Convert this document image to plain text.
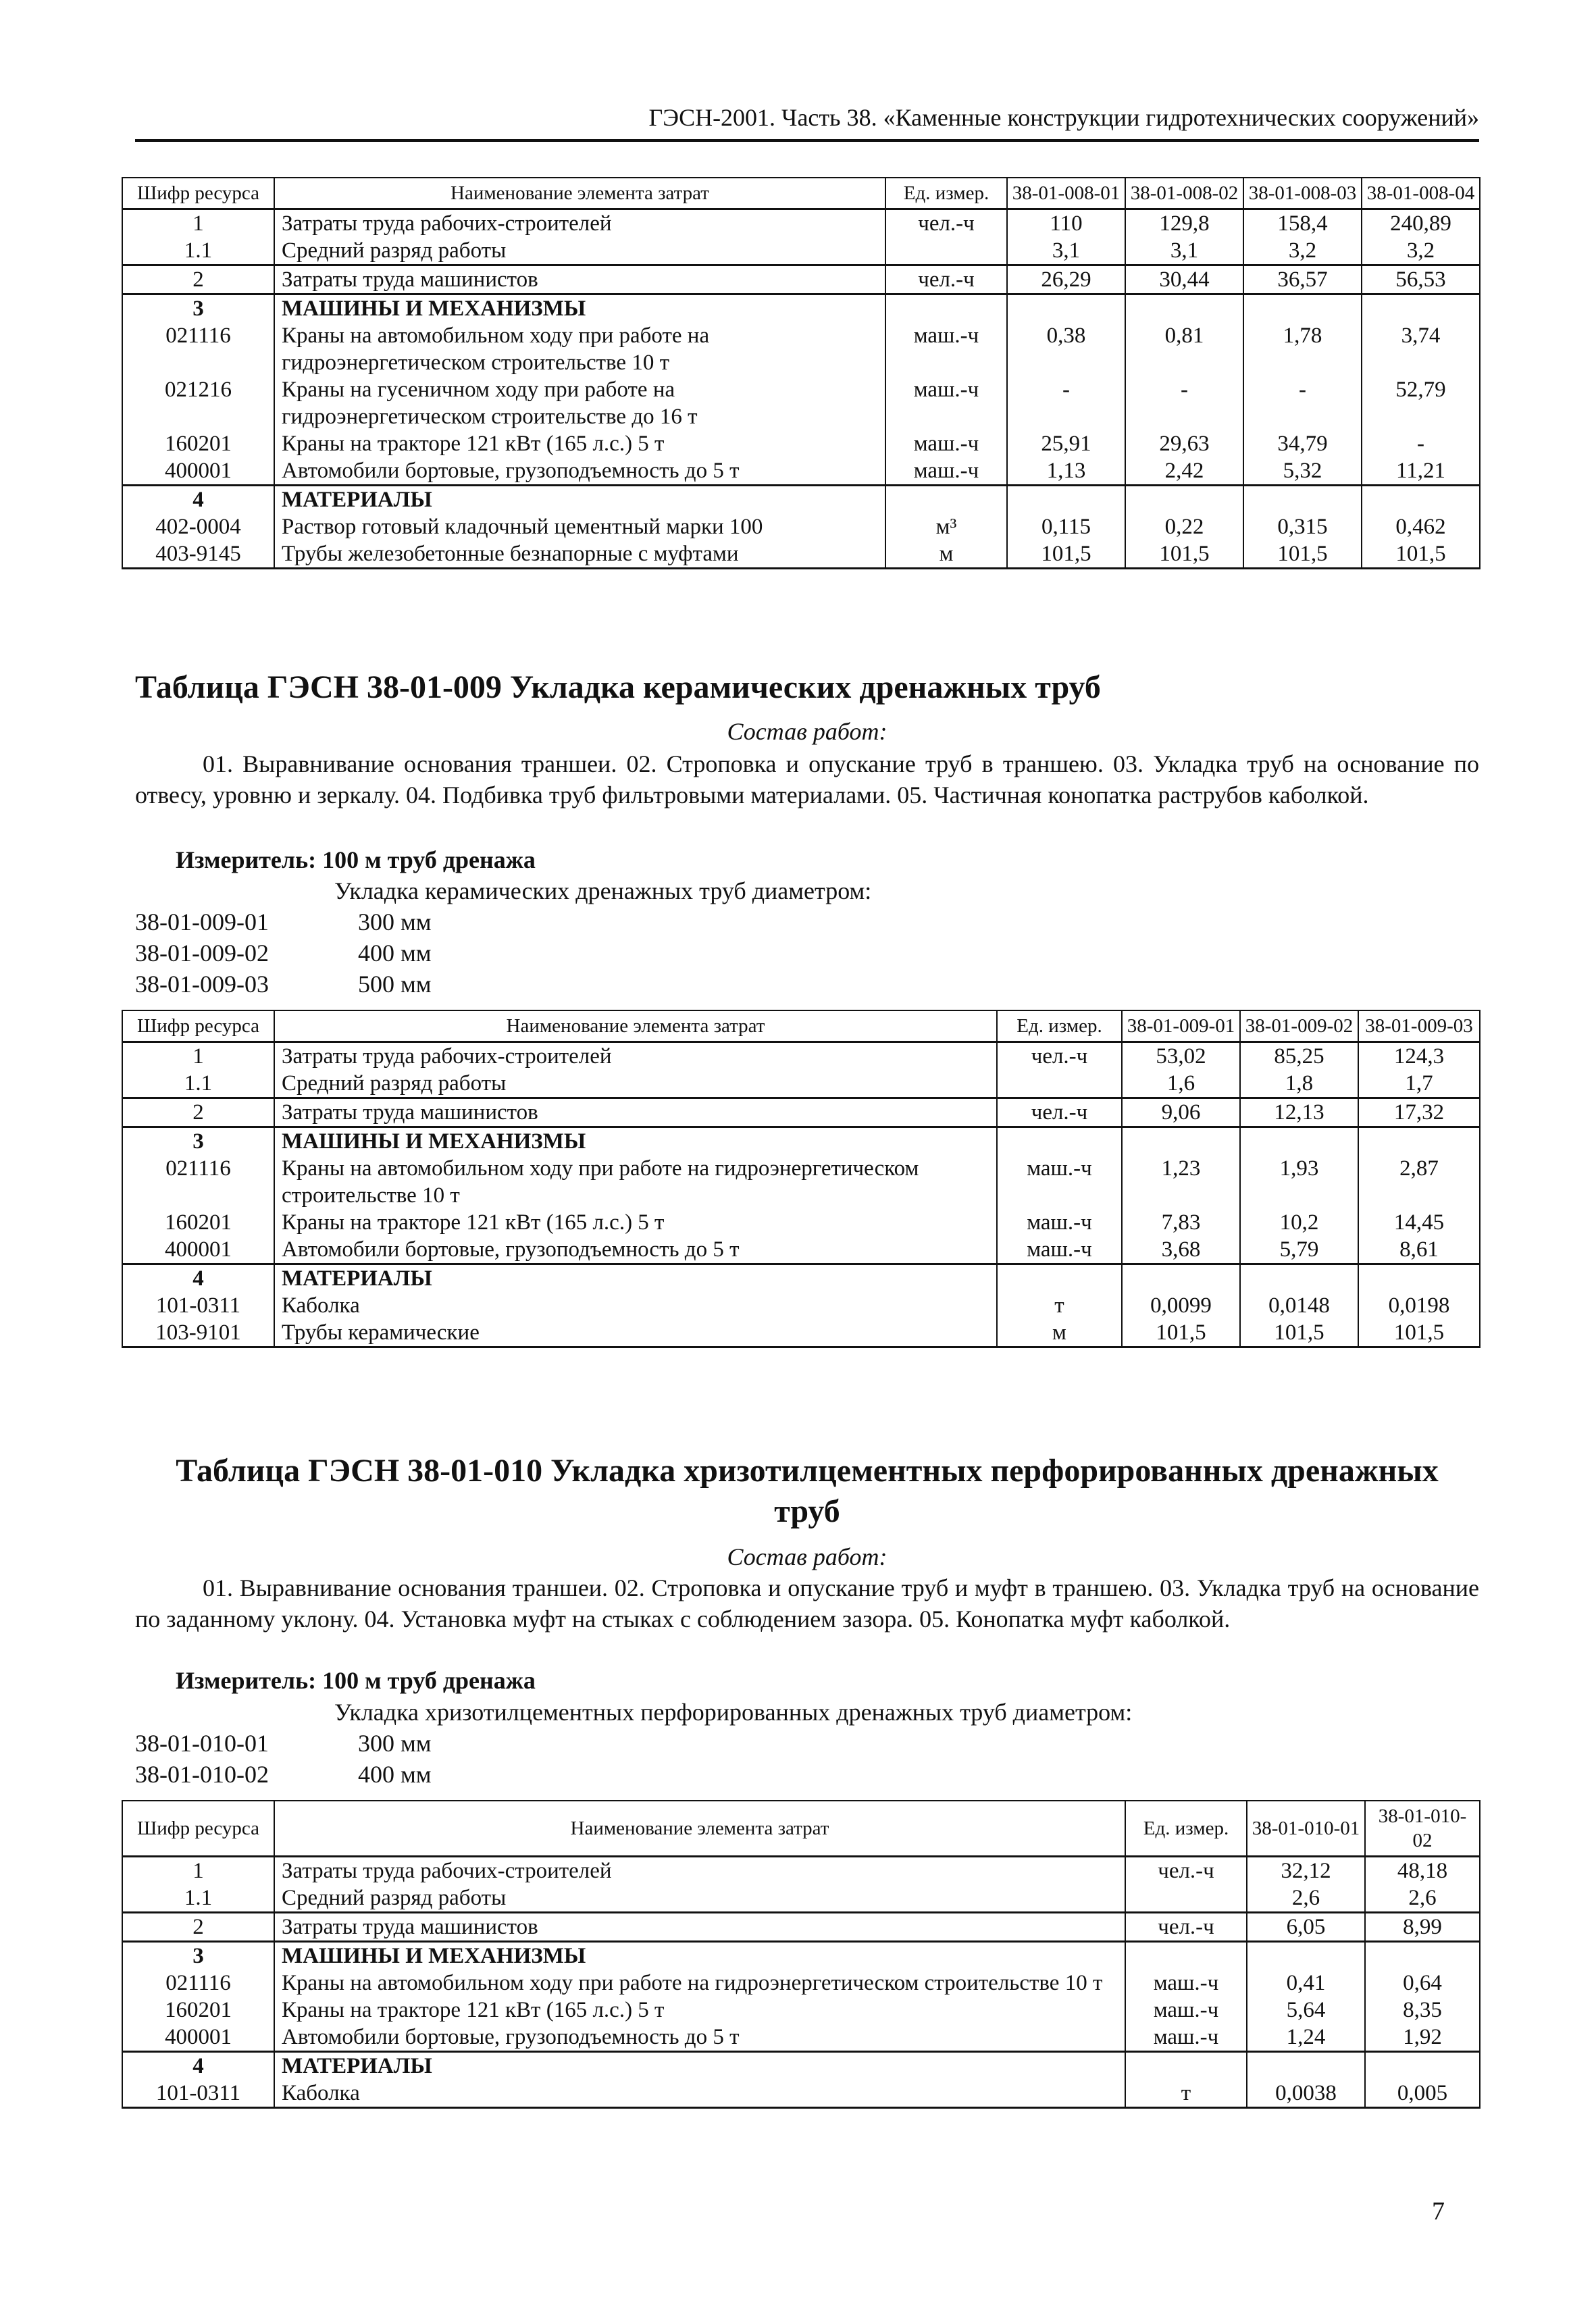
ГЭСН-2001. Часть 38. «Каменные конструкции гидротехнических сооружений»
Шифр ресурса	Наименование элемента затрат	Ед. измер.	38-01-008-01	38-01-008-02	38-01-008-03	38-01-008-04
1	Затраты труда рабочих-строителей	чел.-ч	110	129,8	158,4	240,89
1.1	Средний разряд работы		3,1	3,1	3,2	3,2
2	Затраты труда машинистов	чел.-ч	26,29	30,44	36,57	56,53
3	МАШИНЫ И МЕХАНИЗМЫ					
021116	Краны на автомобильном ходу при работе на гидроэнергетическом строительстве 10 т	маш.-ч	0,38	0,81	1,78	3,74
021216	Краны на гусеничном ходу при работе на гидроэнергетическом строительстве до 16 т	маш.-ч	-	-	-	52,79
160201	Краны на тракторе 121 кВт (165 л.с.) 5 т	маш.-ч	25,91	29,63	34,79	-
400001	Автомобили бортовые, грузоподъемность до 5 т	маш.-ч	1,13	2,42	5,32	11,21
4	МАТЕРИАЛЫ					
402-0004	Раствор готовый кладочный цементный марки 100	м³	0,115	0,22	0,315	0,462
403-9145	Трубы железобетонные безнапорные с муфтами	м	101,5	101,5	101,5	101,5
Таблица ГЭСН 38-01-009 Укладка керамических дренажных труб
Состав работ:
01. Выравнивание основания траншеи. 02. Строповка и опускание труб в траншею. 03. Укладка труб на основание по отвесу, уровню и зеркалу. 04. Подбивка труб фильтровыми материалами. 05. Частичная конопатка раструбов каболкой.
Измеритель: 100 м труб дренажа
Укладка керамических дренажных труб диаметром:
38-01-009-01	300 мм
38-01-009-02	400 мм
38-01-009-03	500 мм
Шифр ресурса	Наименование элемента затрат	Ед. измер.	38-01-009-01	38-01-009-02	38-01-009-03
1	Затраты труда рабочих-строителей	чел.-ч	53,02	85,25	124,3
1.1	Средний разряд работы		1,6	1,8	1,7
2	Затраты труда машинистов	чел.-ч	9,06	12,13	17,32
3	МАШИНЫ И МЕХАНИЗМЫ				
021116	Краны на автомобильном ходу при работе на гидроэнергетическом строительстве 10 т	маш.-ч	1,23	1,93	2,87
160201	Краны на тракторе 121 кВт (165 л.с.) 5 т	маш.-ч	7,83	10,2	14,45
400001	Автомобили бортовые, грузоподъемность до 5 т	маш.-ч	3,68	5,79	8,61
4	МАТЕРИАЛЫ				
101-0311	Каболка	т	0,0099	0,0148	0,0198
103-9101	Трубы керамические	м	101,5	101,5	101,5
Таблица ГЭСН 38-01-010 Укладка хризотилцементных перфорированных дренажных
труб
Состав работ:
01. Выравнивание основания траншеи. 02. Строповка и опускание труб и муфт в траншею. 03. Укладка труб на основание по заданному уклону. 04. Установка муфт на стыках с соблюдением зазора. 05. Конопатка муфт каболкой.
Измеритель: 100 м труб дренажа
Укладка хризотилцементных перфорированных дренажных труб диаметром:
38-01-010-01	300 мм
38-01-010-02	400 мм
Шифр ресурса	Наименование элемента затрат	Ед. измер.	38-01-010-01	38-01-010-02
1	Затраты труда рабочих-строителей	чел.-ч	32,12	48,18
1.1	Средний разряд работы		2,6	2,6
2	Затраты труда машинистов	чел.-ч	6,05	8,99
3	МАШИНЫ И МЕХАНИЗМЫ			
021116	Краны на автомобильном ходу при работе на гидроэнергетическом строительстве 10 т	маш.-ч	0,41	0,64
160201	Краны на тракторе 121 кВт (165 л.с.) 5 т	маш.-ч	5,64	8,35
400001	Автомобили бортовые, грузоподъемность до 5 т	маш.-ч	1,24	1,92
4	МАТЕРИАЛЫ			
101-0311	Каболка	т	0,0038	0,005
7
